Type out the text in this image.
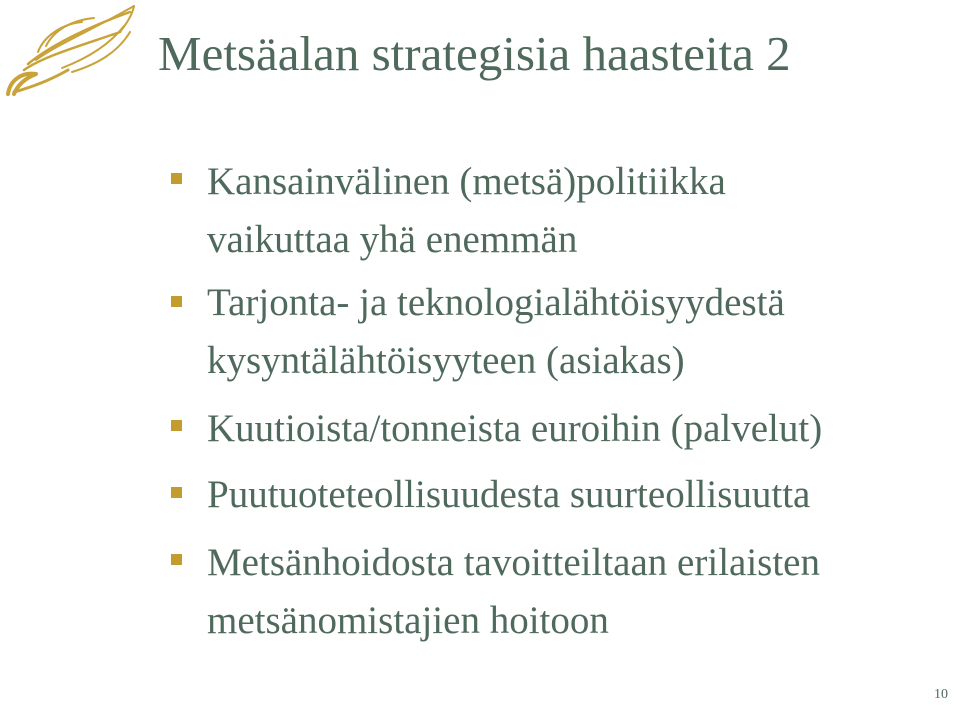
Metsäalan strategisia haasteita 2
Kansainvälinen (metsä)politiikka
vaikuttaa yhä enemmän
Tarjonta- ja teknologialähtöisyydestä
kysyntälähtöisyyteen (asiakas)
Kuutioista/tonneista euroihin (palvelut)
Puutuoteteollisuudesta suurteollisuutta
Metsänhoidosta tavoitteiltaan erilaisten
metsänomistajien hoitoon
10
